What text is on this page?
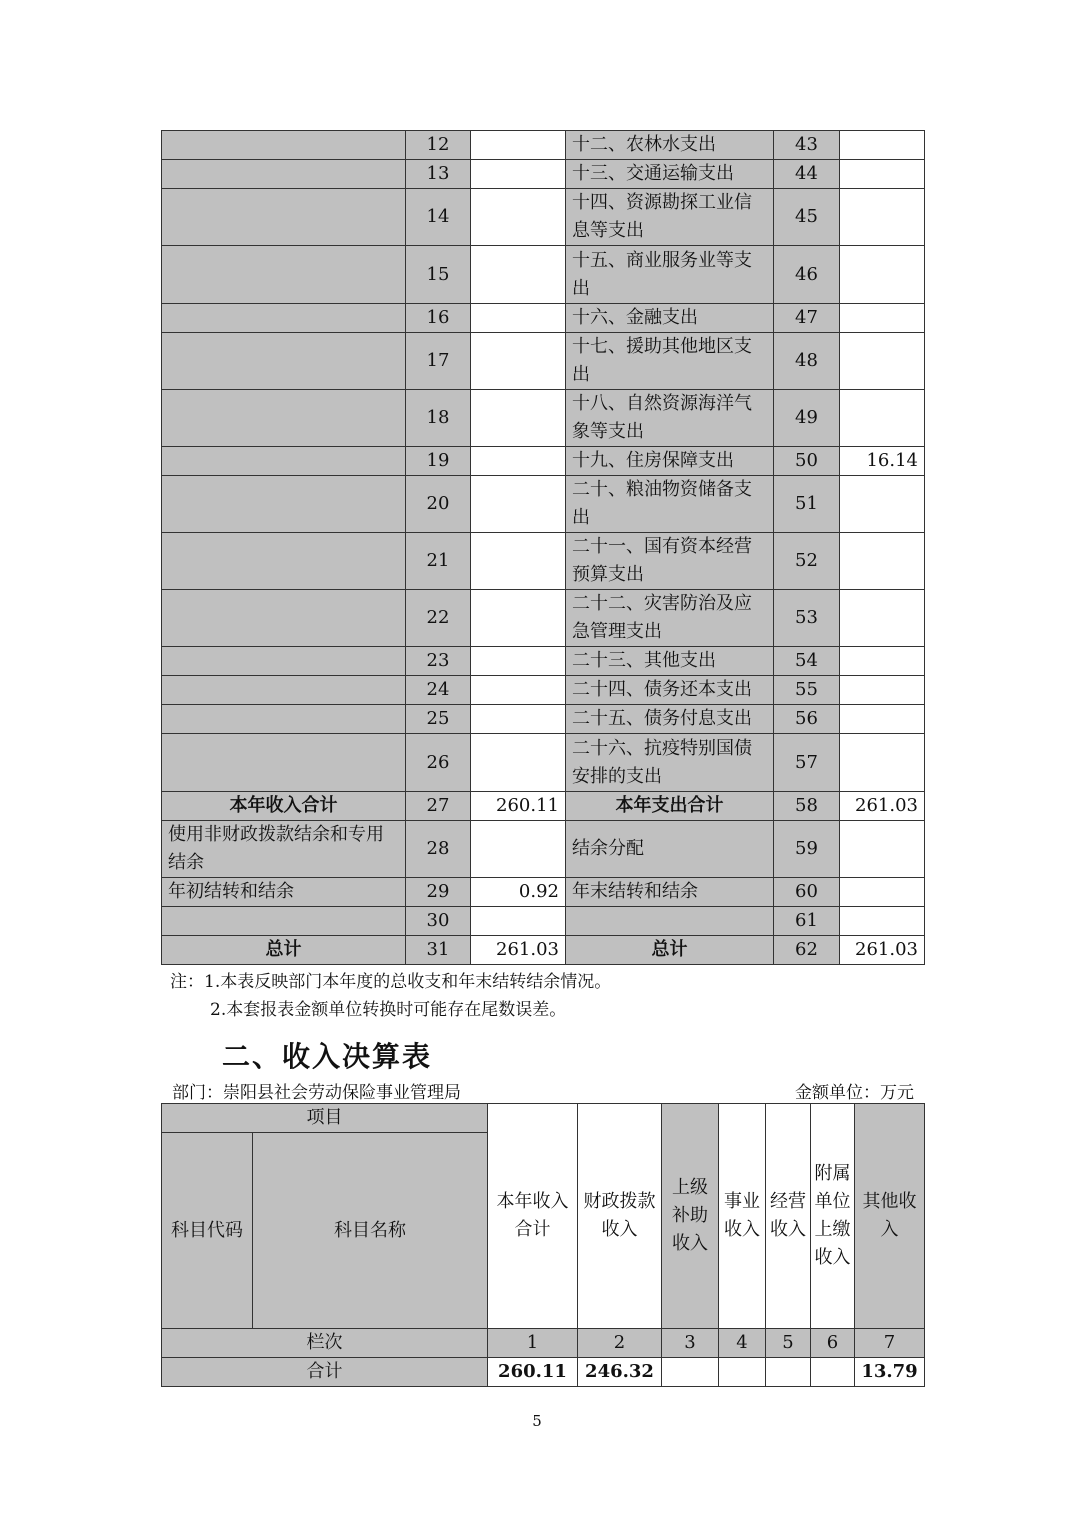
	12		十二、农林水支出	43	
	13		十三、交通运输支出	44	
	14		十四、资源勘探工业信息等支出	45	
	15		十五、商业服务业等支出	46	
	16		十六、金融支出	47	
	17		十七、援助其他地区支出	48	
	18		十八、自然资源海洋气象等支出	49	
	19		十九、住房保障支出	50	16.14
	20		二十、粮油物资储备支出	51	
	21		二十一、国有资本经营预算支出	52	
	22		二十二、灾害防治及应急管理支出	53	
	23		二十三、其他支出	54	
	24		二十四、债务还本支出	55	
	25		二十五、债务付息支出	56	
	26		二十六、抗疫特别国债安排的支出	57	
本年收入合计	27	260.11	本年支出合计	58	261.03
使用非财政拨款结余和专用结余	28		结余分配	59	
年初结转和结余	29	0.92	年末结转和结余	60	
	30			61	
总计	31	261.03	总计	62	261.03
注：1.本表反映部门本年度的总收支和年末结转结余情况。
2.本套报表金额单位转换时可能存在尾数误差。
二、收入决算表
部门：崇阳县社会劳动保险事业管理局	金额单位：万元
项目		本年收入合计	财政拨款收入	上级补助收入	事业收入	经营收入	附属单位上缴收入	其他收入
科目代码	科目名称							
栏次		1	2	3	4	5	6	7
合计		260.11	246.32					13.79
5
